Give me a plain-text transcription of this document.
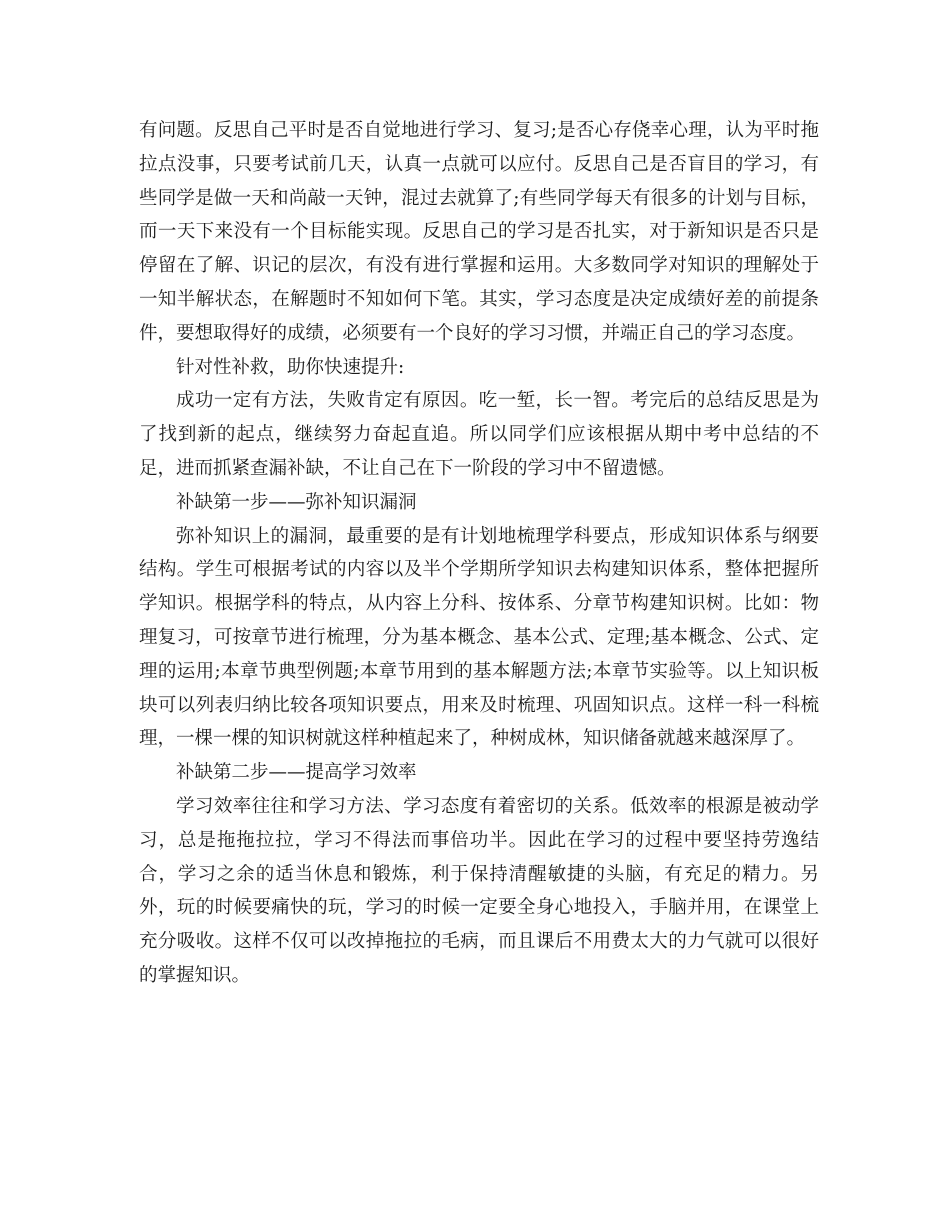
有问题。反思自己平时是否自觉地进行学习、复习;是否心存侥幸心理，认为平时拖拉点没事，只要考试前几天，认真一点就可以应付。反思自己是否盲目的学习，有些同学是做一天和尚敲一天钟，混过去就算了;有些同学每天有很多的计划与目标，而一天下来没有一个目标能实现。反思自己的学习是否扎实，对于新知识是否只是停留在了解、识记的层次，有没有进行掌握和运用。大多数同学对知识的理解处于一知半解状态，在解题时不知如何下笔。其实，学习态度是决定成绩好差的前提条件，要想取得好的成绩，必须要有一个良好的学习习惯，并端正自己的学习态度。

针对性补救，助你快速提升:

成功一定有方法，失败肯定有原因。吃一堑，长一智。考完后的总结反思是为了找到新的起点，继续努力奋起直追。所以同学们应该根据从期中考中总结的不足，进而抓紧查漏补缺，不让自己在下一阶段的学习中不留遗憾。

补缺第一步——弥补知识漏洞

弥补知识上的漏洞，最重要的是有计划地梳理学科要点，形成知识体系与纲要结构。学生可根据考试的内容以及半个学期所学知识去构建知识体系，整体把握所学知识。根据学科的特点，从内容上分科、按体系、分章节构建知识树。比如：物理复习，可按章节进行梳理，分为基本概念、基本公式、定理;基本概念、公式、定理的运用;本章节典型例题;本章节用到的基本解题方法;本章节实验等。以上知识板块可以列表归纳比较各项知识要点，用来及时梳理、巩固知识点。这样一科一科梳理，一棵一棵的知识树就这样种植起来了，种树成林，知识储备就越来越深厚了。

补缺第二步——提高学习效率

学习效率往往和学习方法、学习态度有着密切的关系。低效率的根源是被动学习，总是拖拖拉拉，学习不得法而事倍功半。因此在学习的过程中要坚持劳逸结合，学习之余的适当休息和锻炼，利于保持清醒敏捷的头脑，有充足的精力。另外，玩的时候要痛快的玩，学习的时候一定要全身心地投入，手脑并用，在课堂上充分吸收。这样不仅可以改掉拖拉的毛病，而且课后不用费太大的力气就可以很好的掌握知识。
